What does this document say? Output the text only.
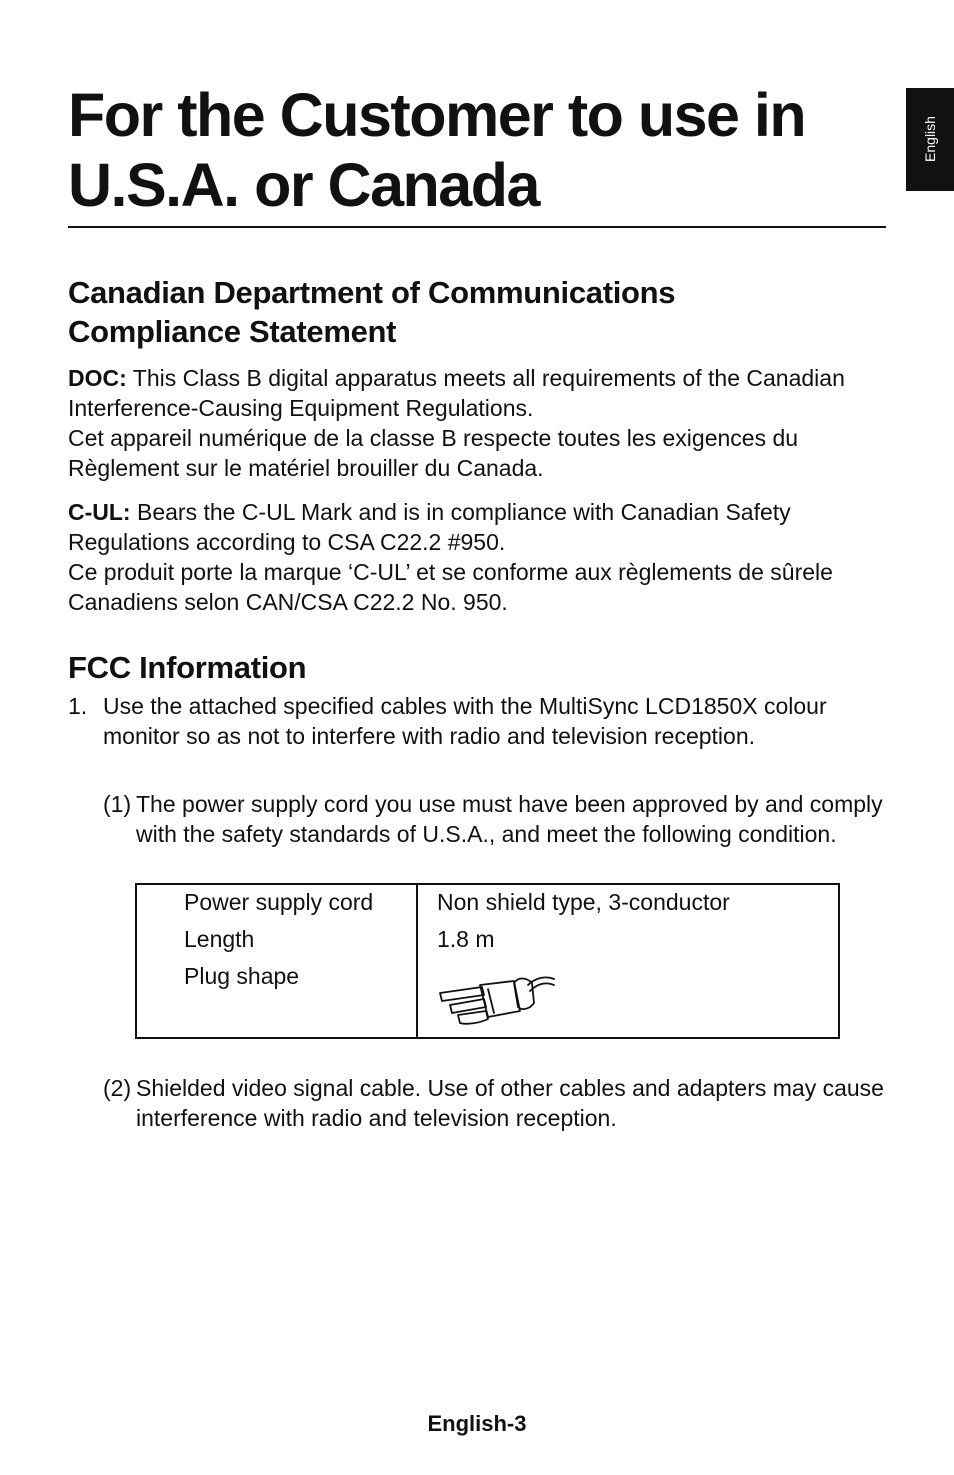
English
For the Customer to use in U.S.A. or Canada
Canadian Department of Communications Compliance Statement

DOC: This Class B digital apparatus meets all requirements of the Canadian Interference-Causing Equipment Regulations.
Cet appareil numérique de la classe B respecte toutes les exigences du Règlement sur le matériel brouiller du Canada.

C-UL: Bears the C-UL Mark and is in compliance with Canadian Safety Regulations according to CSA C22.2 #950.
Ce produit porte la marque ‘C-UL’ et se conforme aux règlements de sûrele Canadiens selon CAN/CSA C22.2 No. 950.

FCC Information
1. Use the attached specified cables with the MultiSync LCD1850X colour monitor so as not to interfere with radio and television reception.
(1) The power supply cord you use must have been approved by and comply with the safety standards of U.S.A., and meet the following condition.
Power supply cord	Non shield type, 3-conductor
Length	1.8 m
Plug shape
(2) Shielded video signal cable. Use of other cables and adapters may cause interference with radio and television reception.
English-3
